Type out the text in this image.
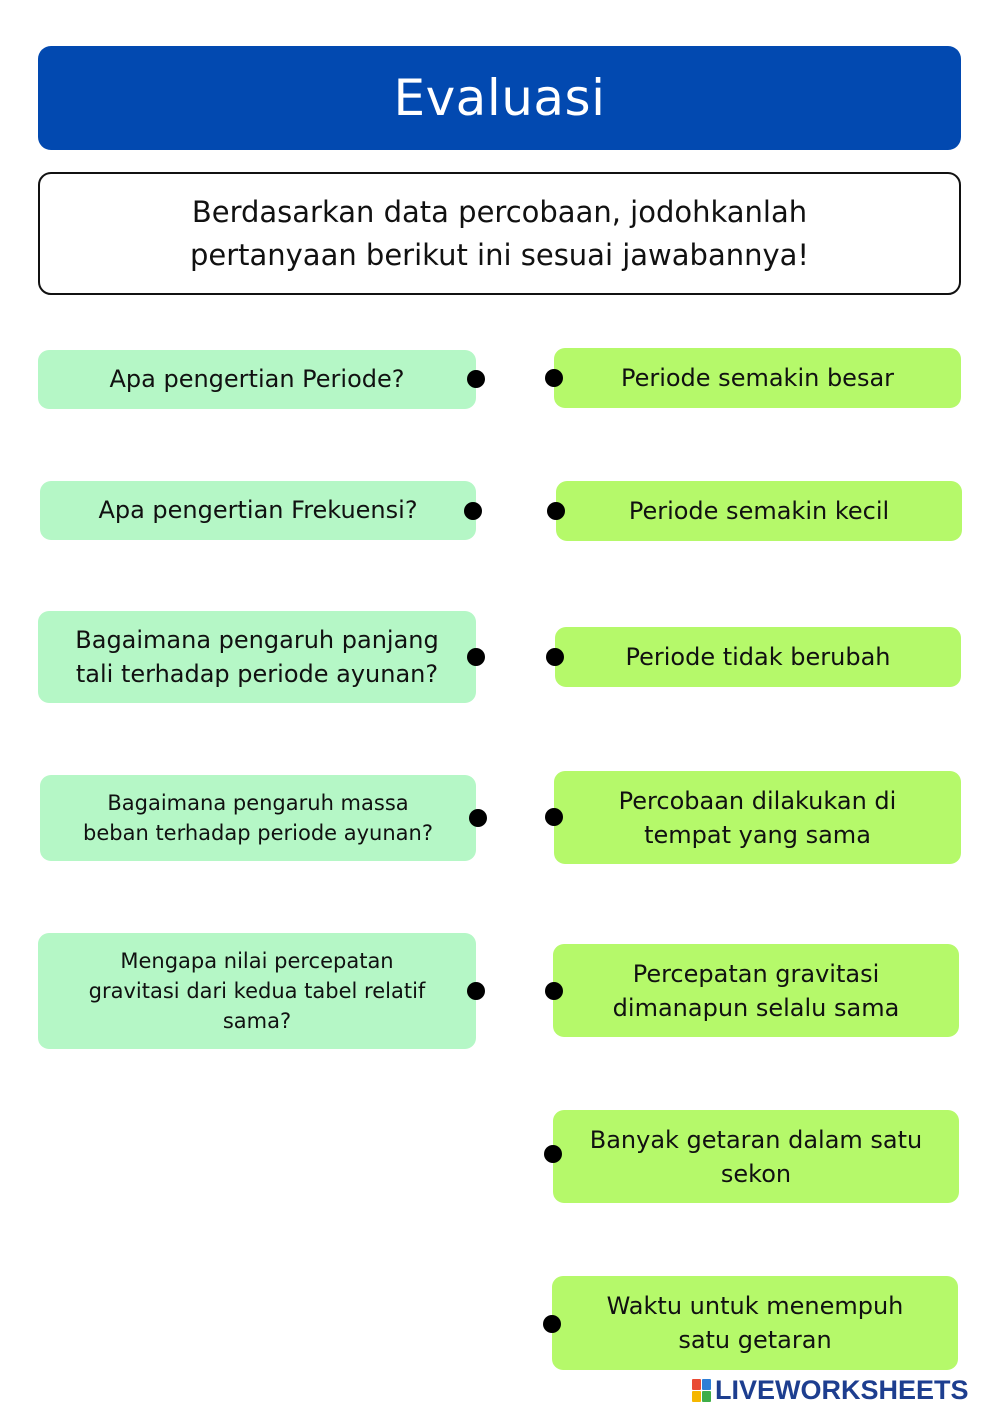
Evaluasi
Berdasarkan data percobaan, jodohkanlah
pertanyaan berikut ini sesuai jawabannya!
Apa pengertian Periode?
Apa pengertian Frekuensi?
Bagaimana pengaruh panjang
tali terhadap periode ayunan?
Bagaimana pengaruh massa
beban terhadap periode ayunan?
Mengapa nilai percepatan
gravitasi dari kedua tabel relatif
sama?
Periode semakin besar
Periode semakin kecil
Periode tidak berubah
Percobaan dilakukan di
tempat yang sama
Percepatan gravitasi
dimanapun selalu sama
Banyak getaran dalam satu
sekon
Waktu untuk menempuh
satu getaran
LIVEWORKSHEETS
